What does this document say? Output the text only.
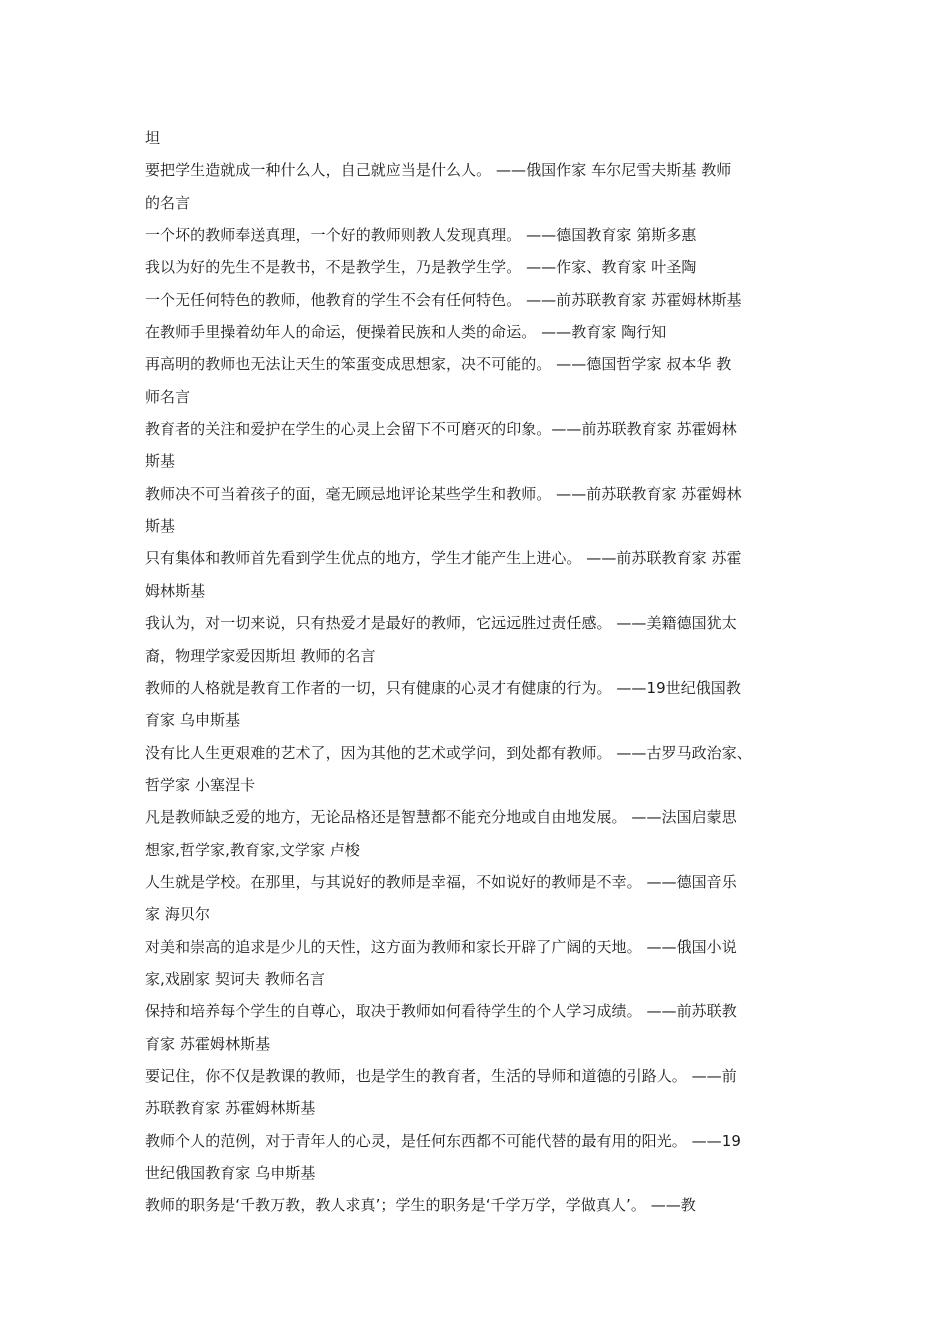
坦
要把学生造就成一种什么人，自己就应当是什么人。 ——俄国作家 车尔尼雪夫斯基 教师
的名言
一个坏的教师奉送真理，一个好的教师则教人发现真理。 ——德国教育家 第斯多惠
我以为好的先生不是教书，不是教学生，乃是教学生学。 ——作家、教育家 叶圣陶
一个无任何特色的教师，他教育的学生不会有任何特色。 ——前苏联教育家 苏霍姆林斯基
在教师手里操着幼年人的命运，便操着民族和人类的命运。 ——教育家 陶行知
再高明的教师也无法让天生的笨蛋变成思想家，决不可能的。 ——德国哲学家 叔本华 教
师名言
教育者的关注和爱护在学生的心灵上会留下不可磨灭的印象。——前苏联教育家 苏霍姆林
斯基
教师决不可当着孩子的面，毫无顾忌地评论某些学生和教师。 ——前苏联教育家 苏霍姆林
斯基
只有集体和教师首先看到学生优点的地方，学生才能产生上进心。 ——前苏联教育家 苏霍
姆林斯基
我认为，对一切来说，只有热爱才是最好的教师，它远远胜过责任感。 ——美籍德国犹太
裔，物理学家爱因斯坦 教师的名言
教师的人格就是教育工作者的一切，只有健康的心灵才有健康的行为。 ——19世纪俄国教
育家 乌申斯基
没有比人生更艰难的艺术了，因为其他的艺术或学问，到处都有教师。 ——古罗马政治家、
哲学家 小塞涅卡
凡是教师缺乏爱的地方，无论品格还是智慧都不能充分地或自由地发展。 ——法国启蒙思
想家,哲学家,教育家,文学家 卢梭
人生就是学校。在那里，与其说好的教师是幸福，不如说好的教师是不幸。 ——德国音乐
家 海贝尔
对美和崇高的追求是少儿的天性，这方面为教师和家长开辟了广阔的天地。 ——俄国小说
家,戏剧家 契诃夫 教师名言
保持和培养每个学生的自尊心，取决于教师如何看待学生的个人学习成绩。 ——前苏联教
育家 苏霍姆林斯基
要记住，你不仅是教课的教师，也是学生的教育者，生活的导师和道德的引路人。 ——前
苏联教育家 苏霍姆林斯基
教师个人的范例，对于青年人的心灵，是任何东西都不可能代替的最有用的阳光。 ——19
世纪俄国教育家 乌申斯基
教师的职务是‘千教万教，教人求真’；学生的职务是‘千学万学，学做真人’。 ——教
